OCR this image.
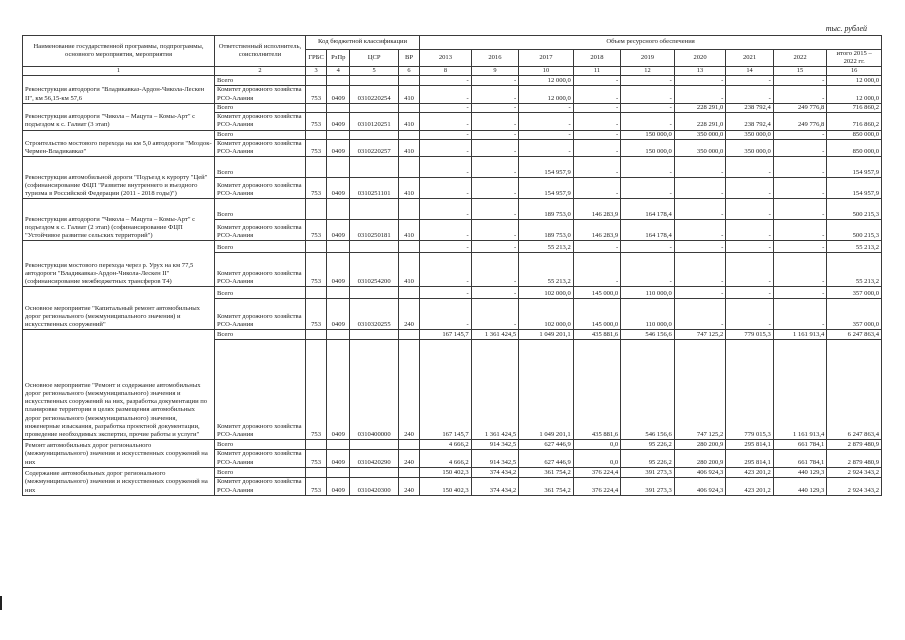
тыс. рублей
Наименование государственной программы, подпрограммы, основного мероприятия, мероприятия	Ответственный исполнитель, соисполнители	Код бюджетной классификации				Объем ресурсного обеспечения								
		ГРБС	РзПр	ЦСР	ВР	2013	2016	2017	2018	2019	2020	2021	2022	итого 2015 – 2022 гг.
1	2	3	4	5	6	8	9	10	11	12	13	14	15	16
Реконструкция автодороги "Владикавказ-Ардон-Чикола-Лескен II", км 56,15-км 57,6	Всего					-	-	12 000,0	-	-	-	-	-	12 000,0
	Комитет дорожного хозяйства РСО-Алания	753	0409	0310220254	410	-	-	12 000,0	-	-	-	-	-	12 000,0
Реконструкция автодороги "Чикола – Мацута – Комы-Арт" с подъездом к с. Галиат (3 этап)	Всего					-	-	-	-	-	228 291,0	238 792,4	249 776,8	716 860,2
	Комитет дорожного хозяйства РСО-Алания	753	0409	0310120251	410	-	-	-	-	-	228 291,0	238 792,4	249 776,8	716 860,2
Строительство мостового перехода на км 5,0 автодороги "Моздок-Чермен-Владикавказ"	Всего					-	-	-	-	150 000,0	350 000,0	350 000,0	-	850 000,0
	Комитет дорожного хозяйства РСО-Алания	753	0409	0310220257	410	-	-	-	-	150 000,0	350 000,0	350 000,0	-	850 000,0
Реконструкция автомобильной дороги "Подъезд к курорту "Цей" (софинансирование ФЦП "Развитие внутреннего и въездного туризма в Российской Федерации (2011 - 2018 годы)")	Всего					-	-	154 957,9	-	-	-	-	-	154 957,9
	Комитет дорожного хозяйства РСО-Алания	753	0409	0310251101	410	-	-	154 957,9	-	-	-	-	-	154 957,9
Реконструкция автодороги "Чикола – Мацута – Комы-Арт" с подъездом к с. Галиат (2 этап) (софинансирование ФЦП "Устойчивое развитие сельских территорий")	Всего					-	-	189 753,0	146 283,9	164 178,4	-	-	-	500 215,3
	Комитет дорожного хозяйства РСО-Алания	753	0409	0310250181	410	-	-	189 753,0	146 283,9	164 178,4	-	-	-	500 215,3
Реконструкция мостового перехода через р. Урух на км 77,5 автодороги "Владикавказ-Ардон-Чикола-Лескен II"(софинансирование межбюджетных трансферов Т4)	Всего					-	-	55 213,2	-	-	-	-	-	55 213,2
	Комитет дорожного хозяйства РСО-Алания	753	0409	0310254200	410	-	-	55 213,2	-	-	-	-	-	55 213,2
Основное мероприятие "Капитальный ремонт автомобильных дорог регионального (межмуниципального значения) и искусственных сооружений"	Всего					-	-	102 000,0	145 000,0	110 000,0	-	-	-	357 000,0
	Комитет дорожного хозяйства РСО-Алания	753	0409	0310320255	240	-	-	102 000,0	145 000,0	110 000,0	-	-	-	357 000,0
Основное мероприятие "Ремонт и содержание автомобильных дорог регионального (межмуниципального) значения и искусственных сооружений на них, разработка документации по планировке территории в целях размещения автомобильных дорог регионального (межмуниципального) значения, инженерные изыскания, разработка проектной документации, проведение необходимых экспертиз, прочие работы и услуги"	Всего					167 145,7	1 361 424,5	1 049 201,1	435 881,6	546 156,6	747 125,2	779 015,3	1 161 913,4	6 247 863,4
	Комитет дорожного хозяйства РСО-Алания	753	0409	0310400000	240	167 145,7	1 361 424,5	1 049 201,1	435 881,6	546 156,6	747 125,2	779 015,3	1 161 913,4	6 247 863,4
Ремонт автомобильных дорог регионального (межмуниципального) значения и искусственных сооружений на них	Всего					4 666,2	914 342,5	627 446,9	0,0	95 226,2	280 200,9	295 814,1	661 784,1	2 879 480,9
	Комитет дорожного хозяйства РСО-Алания	753	0409	0310420290	240	4 666,2	914 342,5	627 446,9	0,0	95 226,2	280 200,9	295 814,1	661 784,1	2 879 480,9
Содержание автомобильных дорог регионального (межмуниципального) значения и искусственных сооружений на них	Всего					150 402,3	374 434,2	361 754,2	376 224,4	391 273,3	406 924,3	423 201,2	440 129,3	2 924 343,2
	Комитет дорожного хозяйства РСО-Алания	753	0409	0310420300	240	150 402,3	374 434,2	361 754,2	376 224,4	391 273,3	406 924,3	423 201,2	440 129,3	2 924 343,2
